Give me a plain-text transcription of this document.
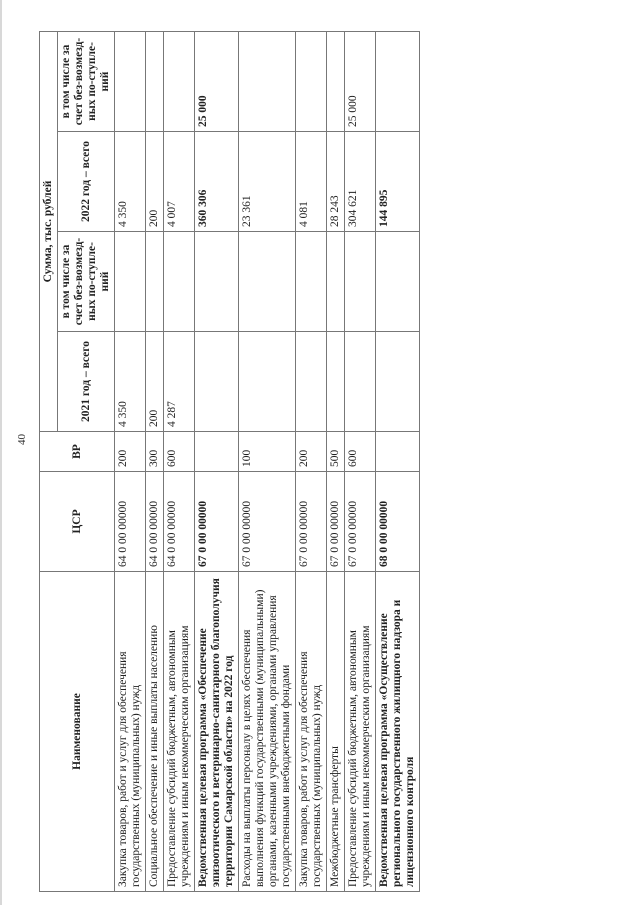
40
Наименование	ЦСР	ВР	Сумма, тыс. рублей			
			2021 год – всего	в том числе за счет без-возмезд-ных по-ступле-ний	2022 год – всего	в том числе за счет без-возмезд-ных по-ступле-ний

Закупка товаров, работ и услуг для обеспечения государственных (муниципальных) нужд	64 0 00 00000	200	4 350		4 350	
Социальное обеспечение и иные выплаты населению	64 0 00 00000	300	200		200	
Предоставление субсидий бюджетным, автономным учреждениям и иным некоммерческим организациям	64 0 00 00000	600	4 287		4 007	
Ведомственная целевая программа «Обеспечение эпизоотического и ветеринарно-санитарного благополучия территории Самарской области» на 2022 год	67 0 00 00000				360 306	25 000
Расходы на выплаты персоналу в целях обеспечения выполнения функций государственными (муниципальными) органами, казенными учреждениями, органами управления государственными внебюджетными фондами	67 0 00 00000	100			23 361	
Закупка товаров, работ и услуг для обеспечения государственных (муниципальных) нужд	67 0 00 00000	200			4 081	
Межбюджетные трансферты	67 0 00 00000	500			28 243	
Предоставление субсидий бюджетным, автономным учреждениям и иным некоммерческим организациям	67 0 00 00000	600			304 621	25 000
Ведомственная целевая программа «Осуществление регионального государственного жилищного надзора и лицензионного контроля	68 0 00 00000				144 895	
